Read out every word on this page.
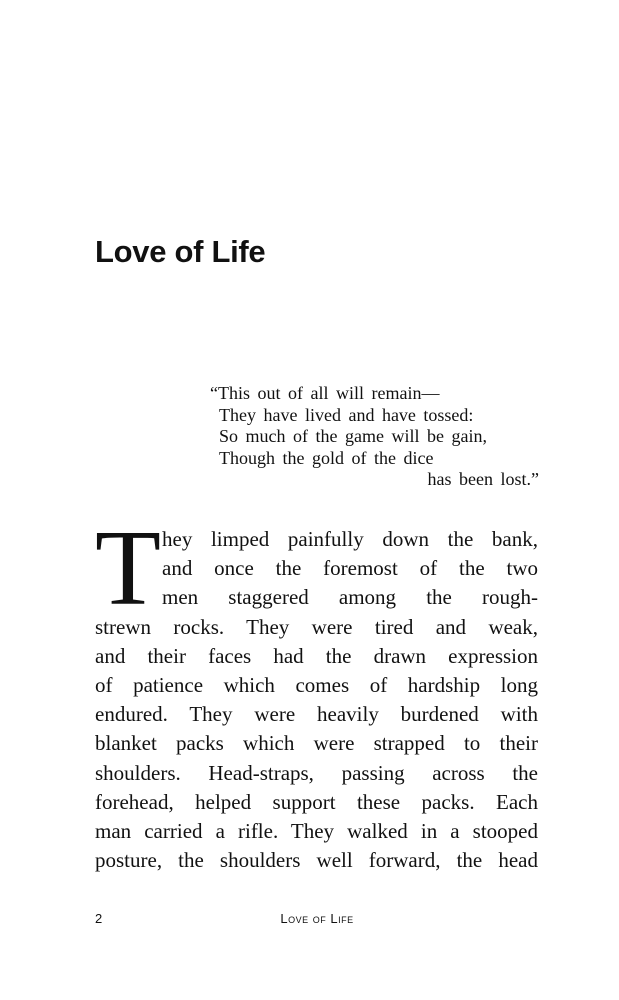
Love of Life
“This out of all will remain—
They have lived and have tossed:
So much of the game will be gain,
Though the gold of the dice
has been lost.”
T hey limped painfully down the bank,
and once the foremost of the two
men staggered among the rough-
strewn rocks. They were tired and weak,
and their faces had the drawn expression
of patience which comes of hardship long
endured. They were heavily burdened with
blanket packs which were strapped to their
shoulders. Head-straps, passing across the
forehead, helped support these packs. Each
man carried a rifle. They walked in a stooped
posture, the shoulders well forward, the head
2	Love of Life
